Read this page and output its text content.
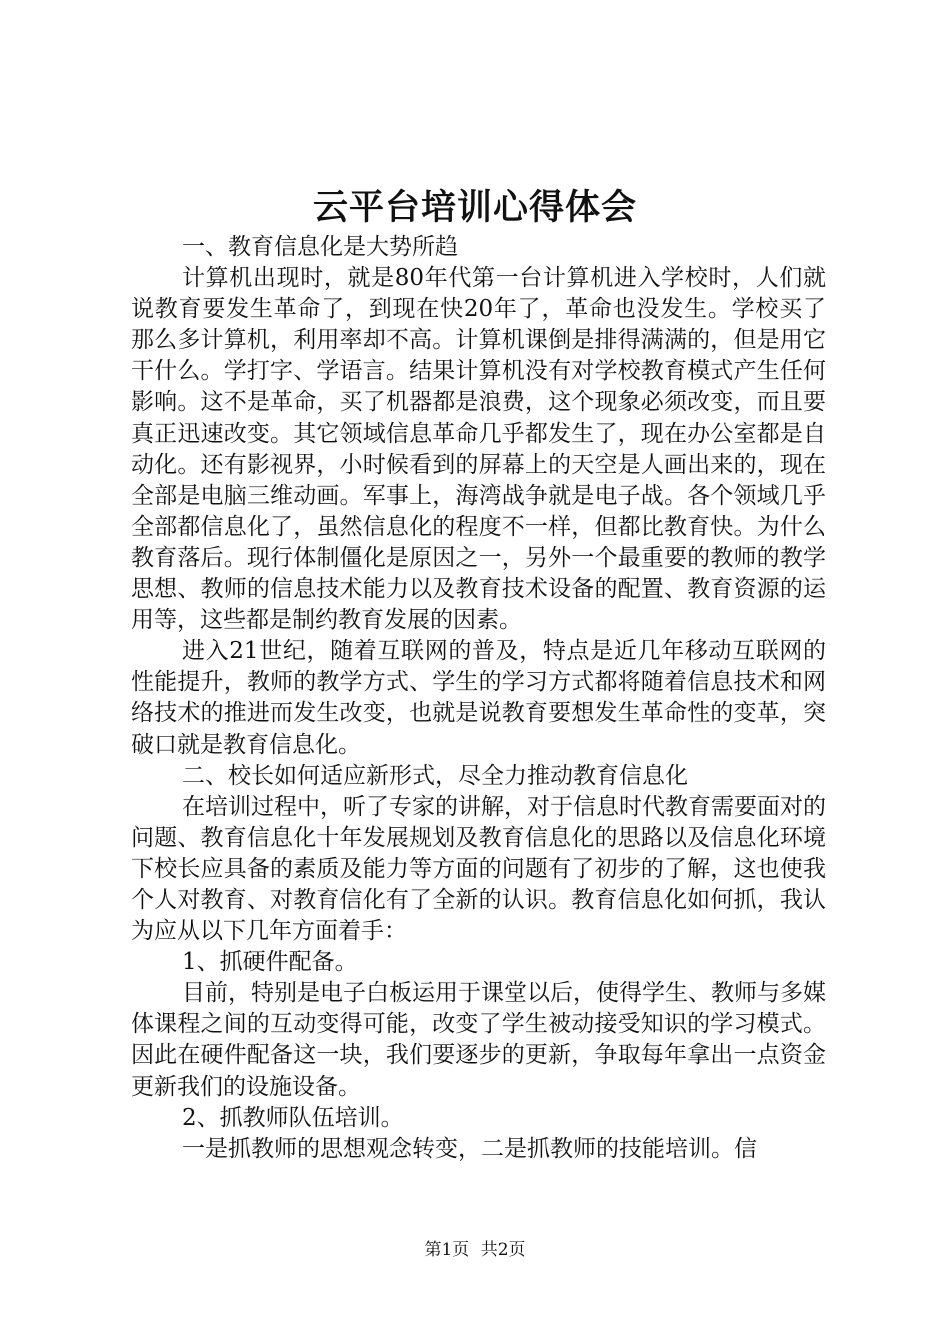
云平台培训心得体会

一、教育信息化是大势所趋

计算机出现时，就是80年代第一台计算机进入学校时，人们就说教育要发生革命了，到现在快20年了，革命也没发生。学校买了那么多计算机，利用率却不高。计算机课倒是排得满满的，但是用它干什么。学打字、学语言。结果计算机没有对学校教育模式产生任何影响。这不是革命，买了机器都是浪费，这个现象必须改变，而且要真正迅速改变。其它领域信息革命几乎都发生了，现在办公室都是自动化。还有影视界，小时候看到的屏幕上的天空是人画出来的，现在全部是电脑三维动画。军事上，海湾战争就是电子战。各个领域几乎全部都信息化了，虽然信息化的程度不一样，但都比教育快。为什么教育落后。现行体制僵化是原因之一，另外一个最重要的教师的教学思想、教师的信息技术能力以及教育技术设备的配置、教育资源的运用等，这些都是制约教育发展的因素。

进入21世纪，随着互联网的普及，特点是近几年移动互联网的性能提升，教师的教学方式、学生的学习方式都将随着信息技术和网络技术的推进而发生改变，也就是说教育要想发生革命性的变革，突破口就是教育信息化。

二、校长如何适应新形式，尽全力推动教育信息化

在培训过程中，听了专家的讲解，对于信息时代教育需要面对的问题、教育信息化十年发展规划及教育信息化的思路以及信息化环境下校长应具备的素质及能力等方面的问题有了初步的了解，这也使我个人对教育、对教育信化有了全新的认识。教育信息化如何抓，我认为应从以下几年方面着手：

1、抓硬件配备。

目前，特别是电子白板运用于课堂以后，使得学生、教师与多媒体课程之间的互动变得可能，改变了学生被动接受知识的学习模式。因此在硬件配备这一块，我们要逐步的更新，争取每年拿出一点资金更新我们的设施设备。

2、抓教师队伍培训。

一是抓教师的思想观念转变，二是抓教师的技能培训。信

第1页 共2页
